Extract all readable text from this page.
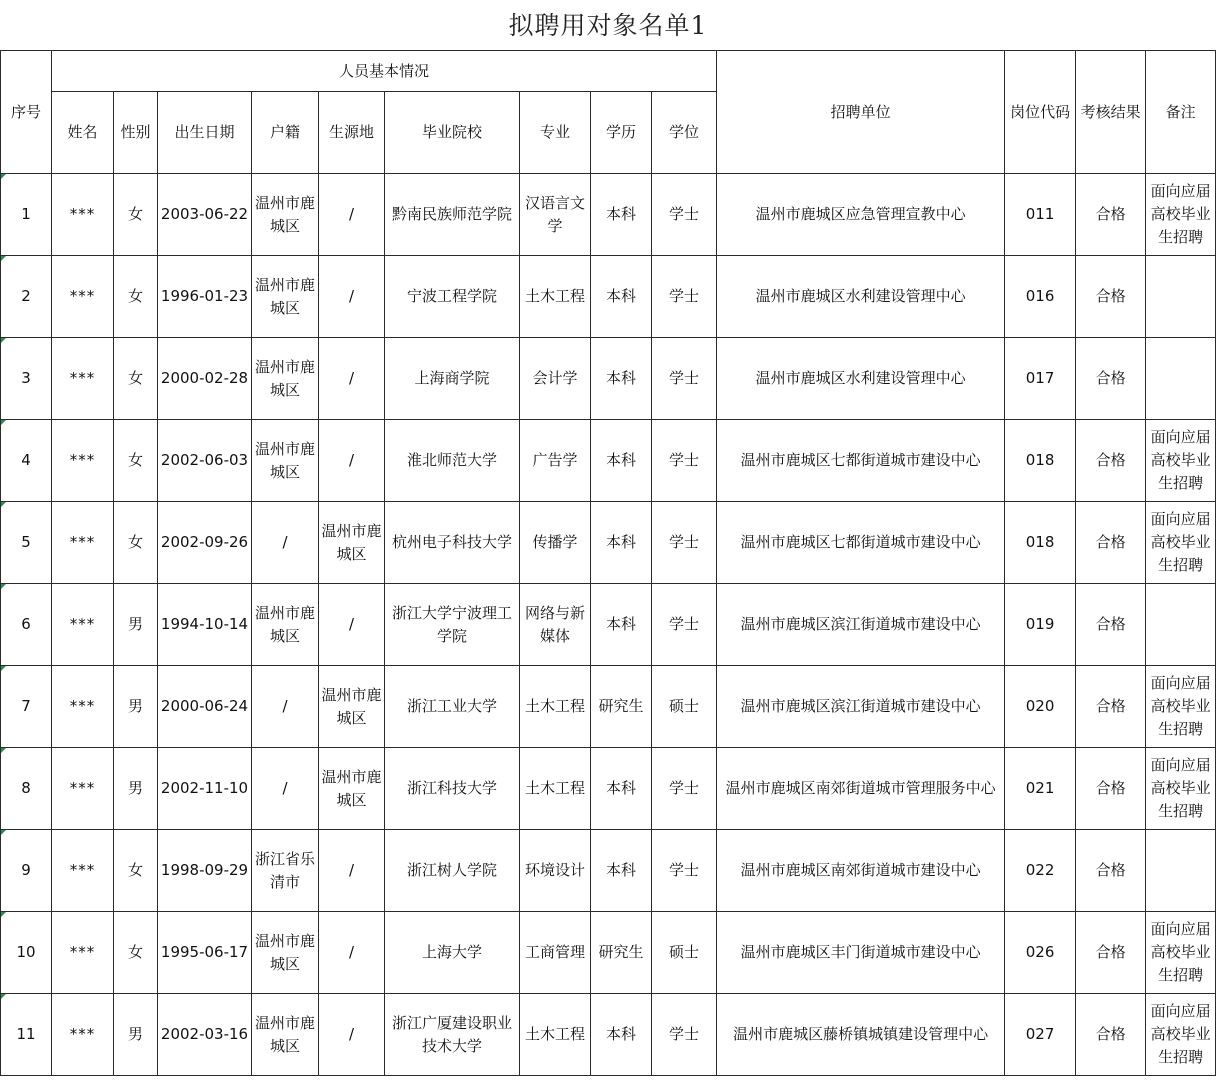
拟聘用对象名单1
序号	人员基本情况									招聘单位	岗位代码	考核结果	备注
	姓名	性别	出生日期	户籍	生源地	毕业院校	专业	学历	学位				
1	***	女	2003-06-22	温州市鹿城区	/	黔南民族师范学院	汉语言文学	本科	学士	温州市鹿城区应急管理宣教中心	011	合格	面向应届高校毕业生招聘
2	***	女	1996-01-23	温州市鹿城区	/	宁波工程学院	土木工程	本科	学士	温州市鹿城区水利建设管理中心	016	合格	
3	***	女	2000-02-28	温州市鹿城区	/	上海商学院	会计学	本科	学士	温州市鹿城区水利建设管理中心	017	合格	
4	***	女	2002-06-03	温州市鹿城区	/	淮北师范大学	广告学	本科	学士	温州市鹿城区七都街道城市建设中心	018	合格	面向应届高校毕业生招聘
5	***	女	2002-09-26	/	温州市鹿城区	杭州电子科技大学	传播学	本科	学士	温州市鹿城区七都街道城市建设中心	018	合格	面向应届高校毕业生招聘
6	***	男	1994-10-14	温州市鹿城区	/	浙江大学宁波理工学院	网络与新媒体	本科	学士	温州市鹿城区滨江街道城市建设中心	019	合格	
7	***	男	2000-06-24	/	温州市鹿城区	浙江工业大学	土木工程	研究生	硕士	温州市鹿城区滨江街道城市建设中心	020	合格	面向应届高校毕业生招聘
8	***	男	2002-11-10	/	温州市鹿城区	浙江科技大学	土木工程	本科	学士	温州市鹿城区南郊街道城市管理服务中心	021	合格	面向应届高校毕业生招聘
9	***	女	1998-09-29	浙江省乐清市	/	浙江树人学院	环境设计	本科	学士	温州市鹿城区南郊街道城市建设中心	022	合格	
10	***	女	1995-06-17	温州市鹿城区	/	上海大学	工商管理	研究生	硕士	温州市鹿城区丰门街道城市建设中心	026	合格	面向应届高校毕业生招聘
11	***	男	2002-03-16	温州市鹿城区	/	浙江广厦建设职业技术大学	土木工程	本科	学士	温州市鹿城区藤桥镇城镇建设管理中心	027	合格	面向应届高校毕业生招聘
